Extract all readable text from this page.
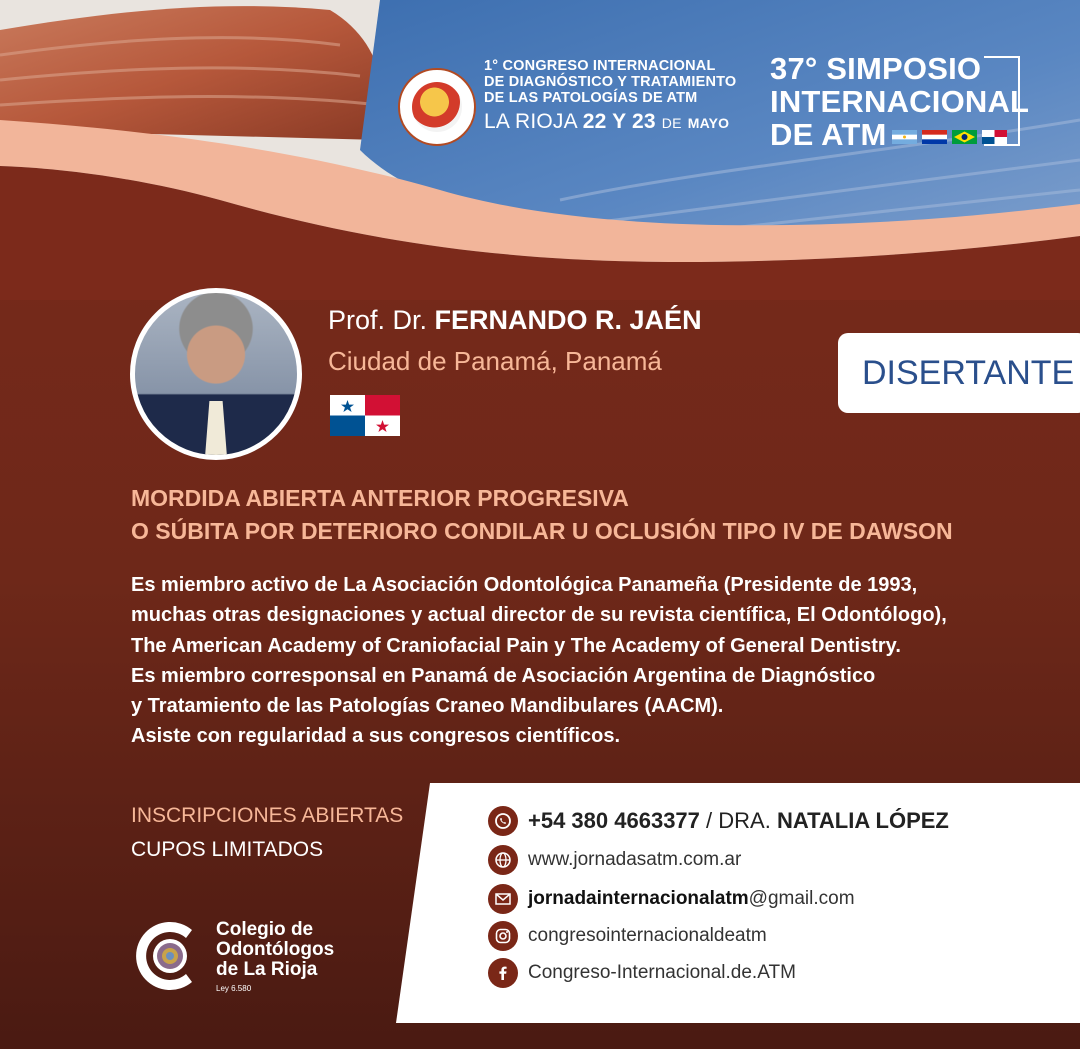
1° CONGRESO INTERNACIONAL
DE DIAGNÓSTICO Y TRATAMIENTO
DE LAS PATOLOGÍAS DE ATM
LA RIOJA 22 Y 23 DE MAYO
37° SIMPOSIO
INTERNACIONAL
DE ATM
Prof. Dr. FERNANDO R. JAÉN
Ciudad de Panamá, Panamá	DISERTANTE
MORDIDA ABIERTA ANTERIOR PROGRESIVA
O SÚBITA POR DETERIORO CONDILAR U OCLUSIÓN TIPO IV DE DAWSON
Es miembro activo de La Asociación Odontológica Panameña (Presidente de 1993,
muchas otras designaciones y actual director de su revista científica, El Odontólogo),
The American Academy of Craniofacial Pain y The Academy of General Dentistry.
Es miembro corresponsal en Panamá de Asociación Argentina de Diagnóstico
y Tratamiento de las Patologías Craneo Mandibulares (AACM).
Asiste con regularidad a sus congresos científicos.
INSCRIPCIONES ABIERTAS
CUPOS LIMITADOS
+54 380 4663377 / DRA. NATALIA LÓPEZ
www.jornadasatm.com.ar
jornadainternacionalatm@gmail.com
congresointernacionaldeatm
Congreso-Internacional.de.ATM
Colegio de
Odontólogos
de La Rioja
Ley 6.580
